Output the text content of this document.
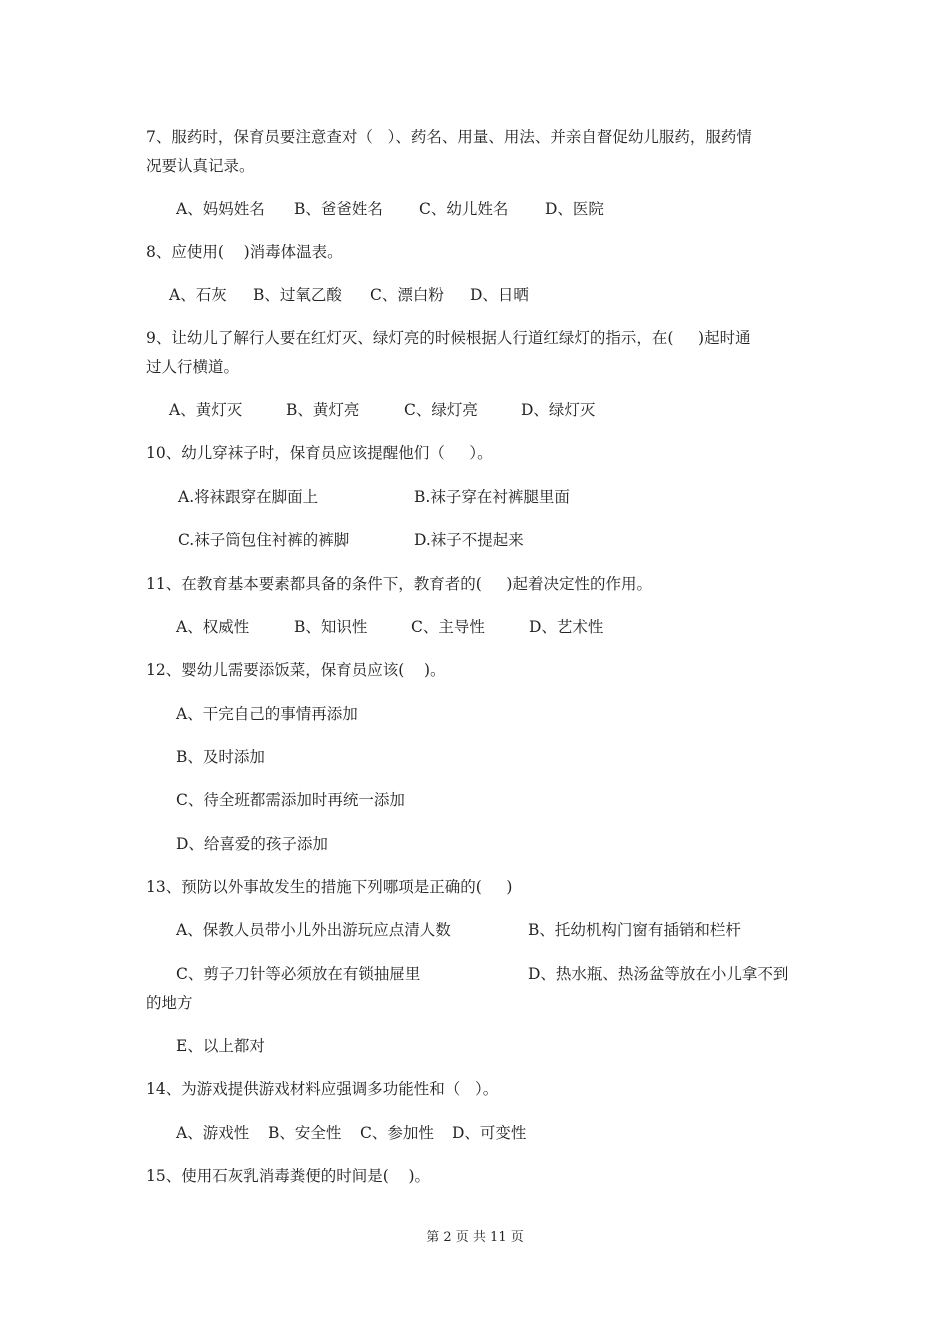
7、服药时，保育员要注意查对（   ）、药名、用量、用法、并亲自督促幼儿服药，服药情
况要认真记录。
A、妈妈姓名 B、爸爸姓名 C、幼儿姓名 D、医院
8、应使用(    )消毒体温表。
A、石灰 B、过氧乙酸 C、漂白粉 D、日晒
9、让幼儿了解行人要在红灯灭、绿灯亮的时候根据人行道红绿灯的指示，在(     )起时通
过人行横道。
A、黄灯灭	B、黄灯亮	C、绿灯亮	D、绿灯灭
10、幼儿穿袜子时，保育员应该提醒他们（     ）。
A.将袜跟穿在脚面上	B.袜子穿在衬裤腿里面
C.袜子筒包住衬裤的裤脚	D.袜子不提起来
11、在教育基本要素都具备的条件下，教育者的(     )起着决定性的作用。
A、权威性	B、知识性	C、主导性	D、艺术性
12、婴幼儿需要添饭菜，保育员应该(    )。
A、干完自己的事情再添加
B、及时添加
C、待全班都需添加时再统一添加
D、给喜爱的孩子添加
13、预防以外事故发生的措施下列哪项是正确的(     )
A、保教人员带小儿外出游玩应点清人数	B、托幼机构门窗有插销和栏杆
C、剪子刀针等必须放在有锁抽屉里	D、热水瓶、热汤盆等放在小儿拿不到
的地方
E、以上都对
14、为游戏提供游戏材料应强调多功能性和（   ）。
A、游戏性 B、安全性 C、参加性 D、可变性
15、使用石灰乳消毒粪便的时间是(    )。
第 2 页 共 11 页
